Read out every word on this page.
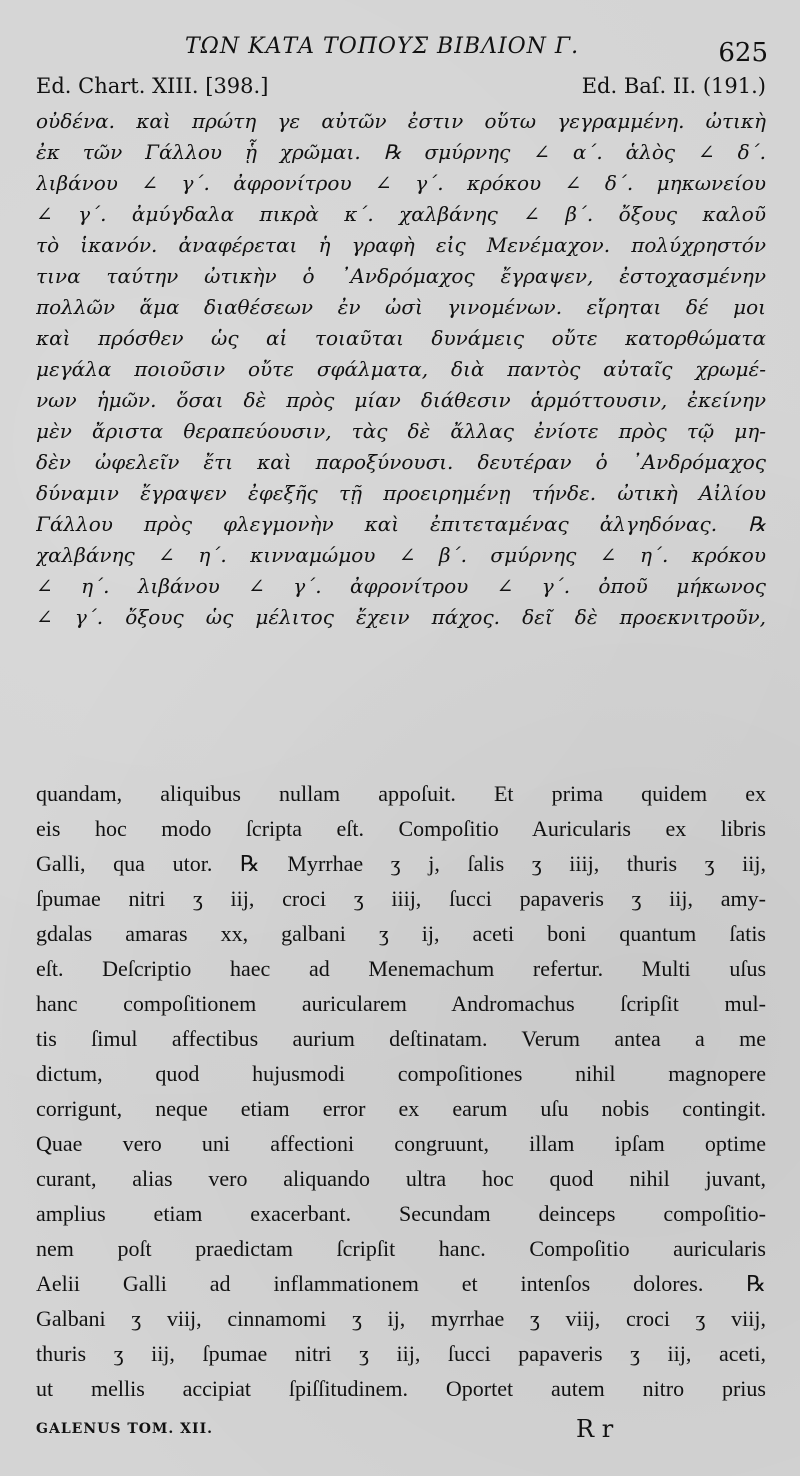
ΤΩΝ ΚΑΤΑ ΤΟΠΟΥΣ ΒΙΒΛΙΟΝ Γ.	625
Ed. Chart. XIII. [398.]	Ed. Baſ. II. (191.)
οὐδένα. καὶ πρώτη γε αὐτῶν ἐστιν οὕτω γεγραμμένη. ὠτικὴ
ἐκ τῶν Γάλλου ᾗ χρῶμαι. ℞ σμύρνης ∠ α΄. ἁλὸς ∠ δ΄.
λιβάνου ∠ γ΄. ἀφρονίτρου ∠ γ΄. κρόκου ∠ δ΄. μηκωνείου
∠ γ΄. ἀμύγδαλα πικρὰ κ΄. χαλβάνης ∠ β΄. ὄξους καλοῦ
τὸ ἱκανόν. ἀναφέρεται ἡ γραφὴ εἰς Μενέμαχον. πολύχρηστόν
τινα ταύτην ὠτικὴν ὁ ᾿Ανδρόμαχος ἔγραψεν, ἐστοχασμένην
πολλῶν ἅμα διαθέσεων ἐν ὠσὶ γινομένων. εἴρηται δέ μοι
καὶ πρόσθεν ὡς αἱ τοιαῦται δυνάμεις οὔτε κατορθώματα
μεγάλα ποιοῦσιν οὔτε σφάλματα, διὰ παντὸς αὐταῖς χρωμέ-
νων ἡμῶν. ὅσαι δὲ πρὸς μίαν διάθεσιν ἁρμόττουσιν, ἐκείνην
μὲν ἄριστα θεραπεύουσιν, τὰς δὲ ἄλλας ἐνίοτε πρὸς τῷ μη-
δὲν ὠφελεῖν ἔτι καὶ παροξύνουσι. δευτέραν ὁ ᾿Ανδρόμαχος
δύναμιν ἔγραψεν ἐφεξῆς τῇ προειρημένῃ τήνδε. ὠτικὴ Αἰλίου
Γάλλου πρὸς φλεγμονὴν καὶ ἐπιτεταμένας ἀλγηδόνας. ℞
χαλβάνης ∠ η΄. κινναμώμου ∠ β΄. σμύρνης ∠ η΄. κρόκου
∠ η΄. λιβάνου ∠ γ΄. ἀφρονίτρου ∠ γ΄. ὀποῦ μήκωνος
∠ γ΄. ὄξους ὡς μέλιτος ἔχειν πάχος. δεῖ δὲ προεκνιτροῦν,
quandam, aliquibus nullam appoſuit. Et prima quidem ex
eis hoc modo ſcripta eſt. Compoſitio Auricularis ex libris
Galli, qua utor. ℞ Myrrhae ʒ j, ſalis ʒ iiij, thuris ʒ iij,
ſpumae nitri ʒ iij, croci ʒ iiij, ſucci papaveris ʒ iij, amy-
gdalas amaras xx, galbani ʒ ij, aceti boni quantum ſatis
eſt. Deſcriptio haec ad Menemachum refertur. Multi uſus
hanc compoſitionem auricularem Andromachus ſcripſit mul-
tis ſimul affectibus aurium deſtinatam. Verum antea a me
dictum, quod hujusmodi compoſitiones nihil magnopere
corrigunt, neque etiam error ex earum uſu nobis contingit.
Quae vero uni affectioni congruunt, illam ipſam optime
curant, alias vero aliquando ultra hoc quod nihil juvant,
amplius etiam exacerbant. Secundam deinceps compoſitio-
nem poſt praedictam ſcripſit hanc. Compoſitio auricularis
Aelii Galli ad inflammationem et intenſos dolores. ℞
Galbani ʒ viij, cinnamomi ʒ ij, myrrhae ʒ viij, croci ʒ viij,
thuris ʒ iij, ſpumae nitri ʒ iij, ſucci papaveris ʒ iij, aceti,
ut mellis accipiat ſpiſſitudinem. Oportet autem nitro prius
GALENUS TOM. XII.	R r
